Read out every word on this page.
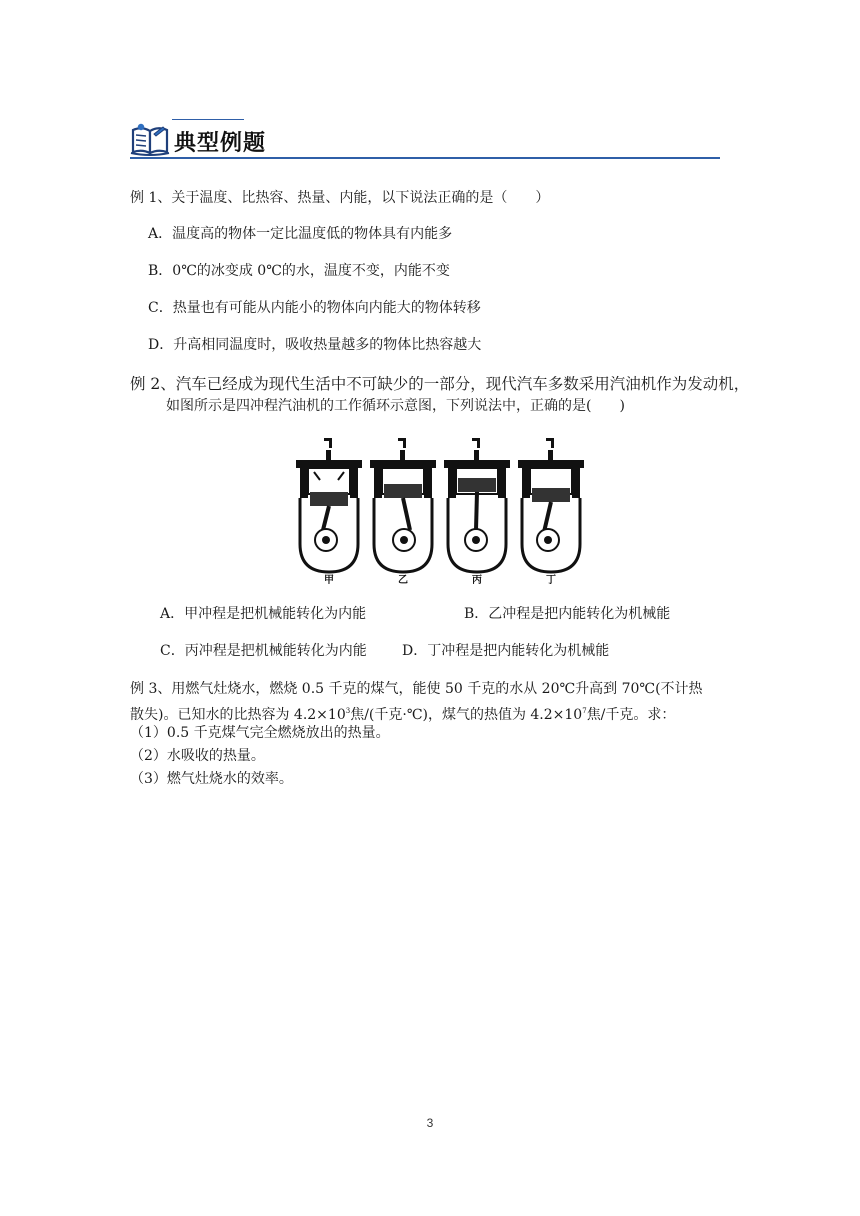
典型例题
例 1、关于温度、比热容、热量、内能，以下说法正确的是（　　）
A．温度高的物体一定比温度低的物体具有内能多
B．0℃的冰变成 0℃的水，温度不变，内能不变
C．热量也有可能从内能小的物体向内能大的物体转移
D．升高相同温度时，吸收热量越多的物体比热容越大
例 2、汽车已经成为现代生活中不可缺少的一部分，现代汽车多数采用汽油机作为发动机，
如图所示是四冲程汽油机的工作循环示意图，下列说法中，正确的是(　　)
甲	乙	丙	丁
A．甲冲程是把机械能转化为内能	B．乙冲程是把内能转化为机械能
C．丙冲程是把机械能转化为内能	D．丁冲程是把内能转化为机械能
例 3、用燃气灶烧水，燃烧 0.5 千克的煤气，能使 50 千克的水从 20℃升高到 70℃(不计热
散失)。已知水的比热容为 $4.2\times 10^3$焦/(千克·℃)，煤气的热值为 $4.2\times 10^7$焦/千克。求：
（1）0.5 千克煤气完全燃烧放出的热量。
（2）水吸收的热量。
（3）燃气灶烧水的效率。
3
